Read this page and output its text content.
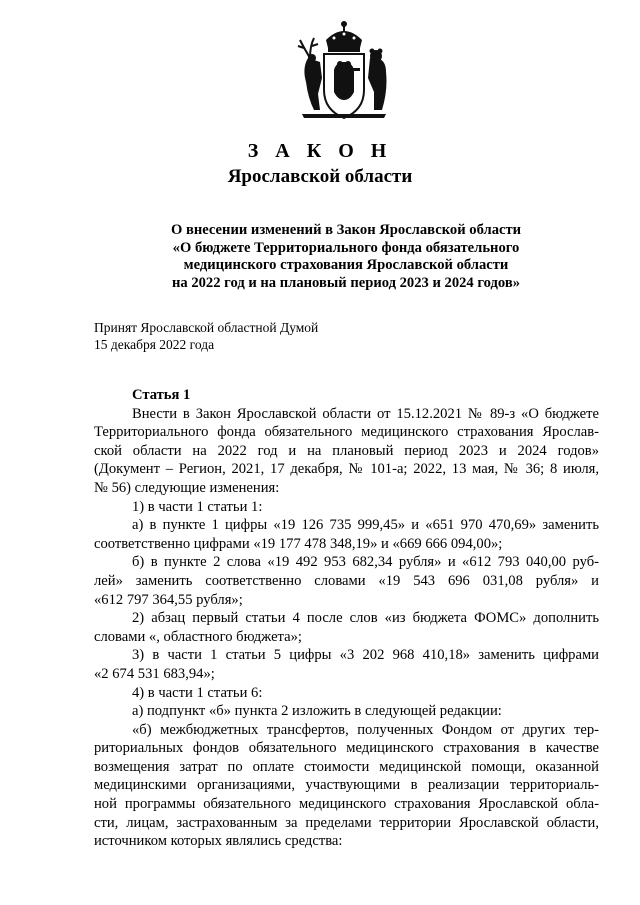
З А К О Н
Ярославской области
О внесении изменений в Закон Ярославской области
«О бюджете Территориального фонда обязательного
медицинского страхования Ярославской области
на 2022 год и на плановый период 2023 и 2024 годов»
Принят Ярославской областной Думой
15 декабря 2022 года
Статья 1
Внести в Закон Ярославской области от 15.12.2021 № 89-з «О бюджете
Территориального фонда обязательного медицинского страхования Ярослав-
ской области на 2022 год и на плановый период 2023 и 2024 годов»
(Документ – Регион, 2021, 17 декабря, № 101-а; 2022, 13 мая, № 36; 8 июля,
№ 56) следующие изменения:
1) в части 1 статьи 1:
а) в пункте 1 цифры «19 126 735 999,45» и «651 970 470,69» заменить
соответственно цифрами «19 177 478 348,19» и «669 666 094,00»;
б) в пункте 2 слова «19 492 953 682,34 рубля» и «612 793 040,00 руб-
лей» заменить соответственно словами «19 543 696 031,08 рубля» и
«612 797 364,55 рубля»;
2) абзац первый статьи 4 после слов «из бюджета ФОМС» дополнить
словами «, областного бюджета»;
3) в части 1 статьи 5 цифры «3 202 968 410,18» заменить цифрами
«2 674 531 683,94»;
4) в части 1 статьи 6:
а) подпункт «б» пункта 2 изложить в следующей редакции:
«б) межбюджетных трансфертов, полученных Фондом от других тер-
риториальных фондов обязательного медицинского страхования в качестве
возмещения затрат по оплате стоимости медицинской помощи, оказанной
медицинскими организациями, участвующими в реализации территориаль-
ной программы обязательного медицинского страхования Ярославской обла-
сти, лицам, застрахованным за пределами территории Ярославской области,
источником которых являлись средства:
